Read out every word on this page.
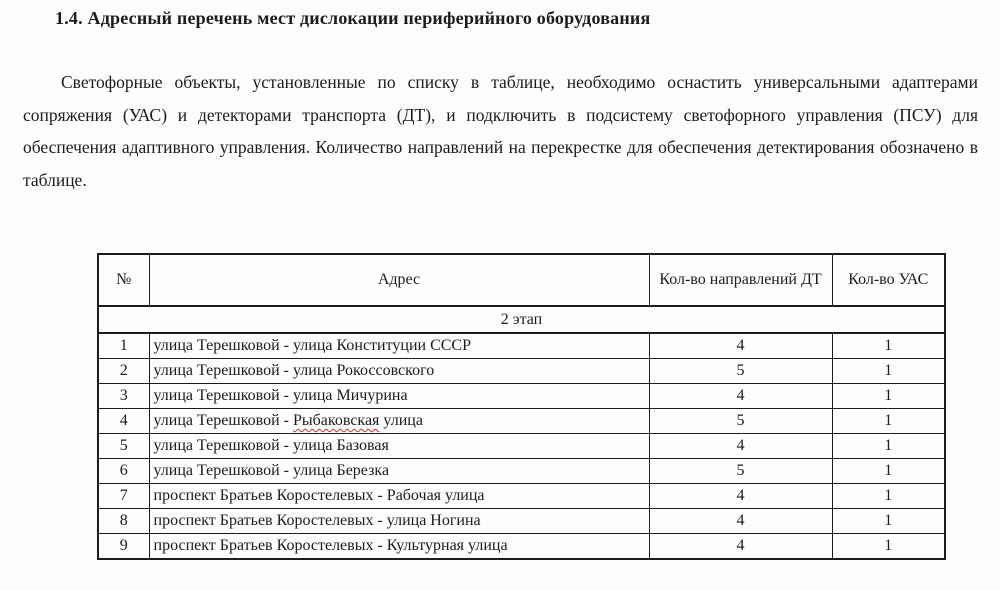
1.4. Адресный перечень мест дислокации периферийного оборудования

Светофорные объекты, установленные по списку в таблице, необходимо оснастить универсальными адаптерами сопряжения (УАС) и детекторами транспорта (ДТ), и подключить в подсистему светофорного управления (ПСУ) для обеспечения адаптивного управления. Количество направлений на перекрестке для обеспечения детектирования обозначено в таблице.

№	Адрес	Кол-во направлений ДТ	Кол-во УАС
2 этап			
1	улица Терешковой - улица Конституции СССР	4	1
2	улица Терешковой - улица Рокоссовского	5	1
3	улица Терешковой - улица Мичурина	4	1
4	улица Терешковой - Рыбаковская улица	5	1
5	улица Терешковой - улица Базовая	4	1
6	улица Терешковой - улица Березка	5	1
7	проспект Братьев Коростелевых - Рабочая улица	4	1
8	проспект Братьев Коростелевых - улица Ногина	4	1
9	проспект Братьев Коростелевых - Культурная улица	4	1
